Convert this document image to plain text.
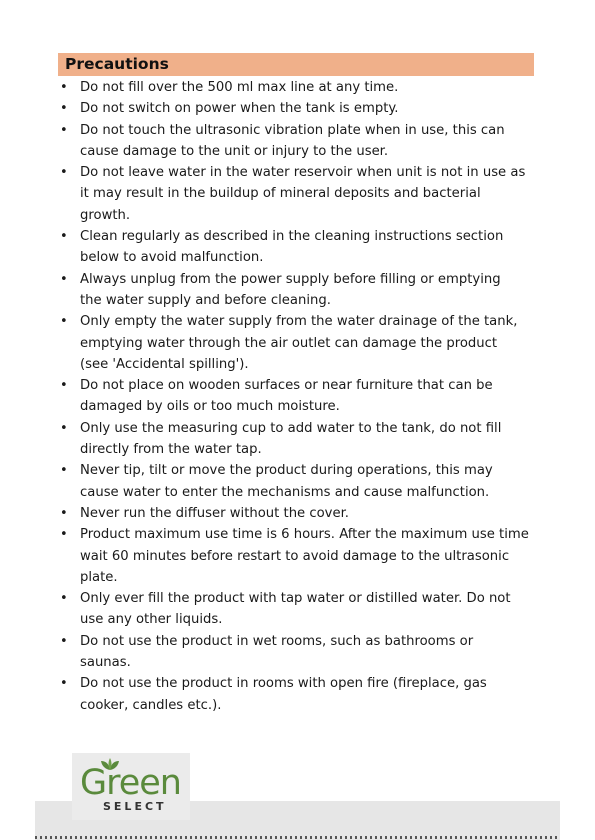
Precautions
• Do not fill over the 500 ml max line at any time.
• Do not switch on power when the tank is empty.
• Do not touch the ultrasonic vibration plate when in use, this can
cause damage to the unit or injury to the user.
• Do not leave water in the water reservoir when unit is not in use as
it may result in the buildup of mineral deposits and bacterial
growth.
• Clean regularly as described in the cleaning instructions section
below to avoid malfunction.
• Always unplug from the power supply before filling or emptying
the water supply and before cleaning.
• Only empty the water supply from the water drainage of the tank,
emptying water through the air outlet can damage the product
(see 'Accidental spilling').
• Do not place on wooden surfaces or near furniture that can be
damaged by oils or too much moisture.
• Only use the measuring cup to add water to the tank, do not fill
directly from the water tap.
• Never tip, tilt or move the product during operations, this may
cause water to enter the mechanisms and cause malfunction.
• Never run the diffuser without the cover.
• Product maximum use time is 6 hours. After the maximum use time
wait 60 minutes before restart to avoid damage to the ultrasonic
plate.
• Only ever fill the product with tap water or distilled water. Do not
use any other liquids.
• Do not use the product in wet rooms, such as bathrooms or
saunas.
• Do not use the product in rooms with open fire (fireplace, gas
cooker, candles etc.).
Green
SELECT
